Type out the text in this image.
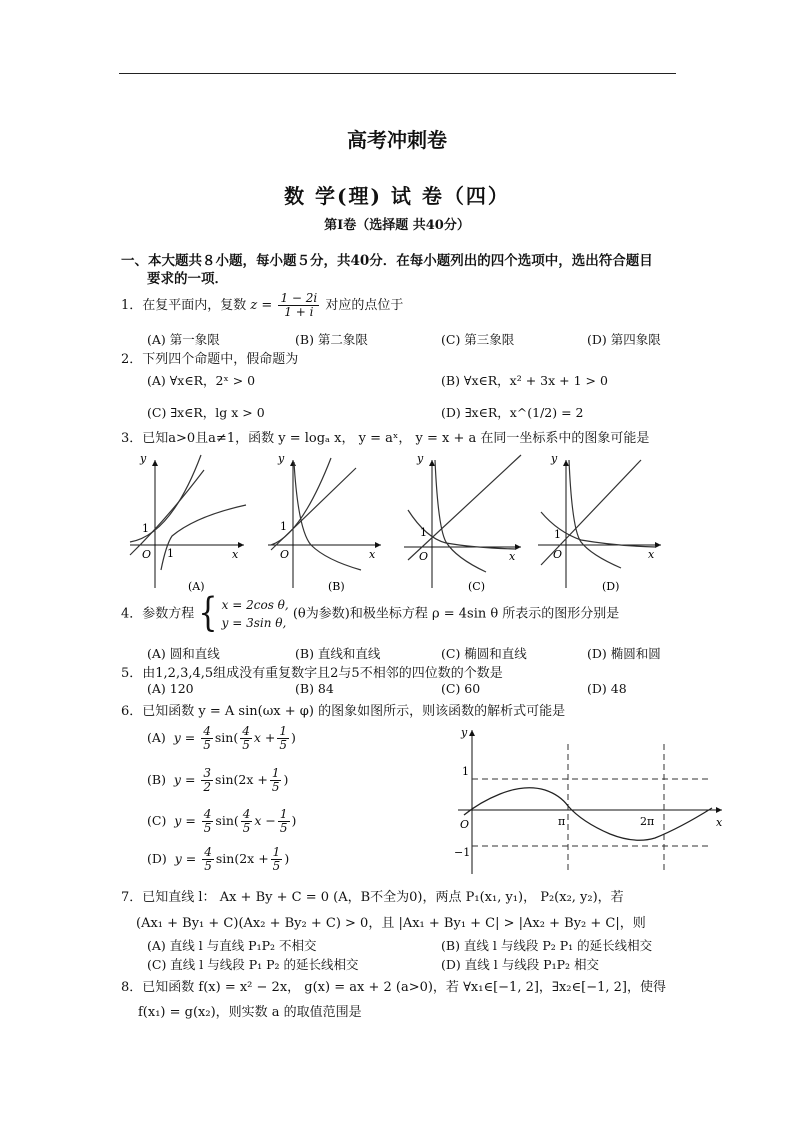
高考冲刺卷
数 学(理) 试 卷（四）
第Ⅰ卷（选择题 共40分）
一、本大题共８小题，每小题５分，共40分．在每小题列出的四个选项中，选出符合题目
要求的一项．
1．在复平面内，复数 $z = \frac{1 - 2i}{1 + i}$ 对应的点位于
(A) 第一象限	(B) 第二象限	(C) 第三象限	(D) 第四象限
2．下列四个命题中，假命题为
(A) ∀x∈R，2ˣ > 0	(B) ∀x∈R，x² + 3x + 1 > 0
(C) ∃x∈R，lg x > 0	(D) ∃x∈R，x^(1/2) = 2
3．已知a>0且a≠1，函数 y = logₐ x， y = aˣ， y = x + a 在同一坐标系中的图象可能是
y
x
O
1
1
(A)
y
x
O
1
(B)
y
x
O
1
(C)
y
x
O
1
(D)
4．参数方程 { x = 2cos θ,
y = 3sin θ,
(θ为参数)和极坐标方程 ρ = 4sin θ 所表示的图形分别是
(A) 圆和直线	(B) 直线和直线	(C) 椭圆和直线	(D) 椭圆和圆
5．由1,2,3,4,5组成没有重复数字且2与5不相邻的四位数的个数是
(A) 120	(B) 84	(C) 60	(D) 48
6．已知函数 y = A sin(ωx + φ) 的图象如图所示，则该函数的解析式可能是
(A) $y = \frac{4}{5} \sin( \frac{4}{5}$ $x + \frac{1}{5}$ )
(B) $y = \frac{3}{2} \sin(2x + \frac{1}{5}$ )
(C) $y = \frac{4}{5} \sin( \frac{4}{5}$ $x - \frac{1}{5}$ )
(D) $y = \frac{4}{5} \sin(2x + \frac{1}{5}$ )
y
x
O
1
−1
π	2π
7．已知直线 l： Ax + By + C = 0 (A，B不全为0)，两点 P₁(x₁, y₁)， P₂(x₂, y₂)，若
(Ax₁ + By₁ + C)(Ax₂ + By₂ + C) > 0，且 |Ax₁ + By₁ + C| > |Ax₂ + By₂ + C|，则
(A) 直线 l 与直线 P₁P₂ 不相交	(B) 直线 l 与线段 P₂ P₁ 的延长线相交
(C) 直线 l 与线段 P₁ P₂ 的延长线相交	(D) 直线 l 与线段 P₁P₂ 相交
8．已知函数 f(x) = x² − 2x， g(x) = ax + 2 (a>0)，若 ∀x₁∈[−1, 2]，∃x₂∈[−1, 2]，使得
f(x₁) = g(x₂)，则实数 a 的取值范围是
